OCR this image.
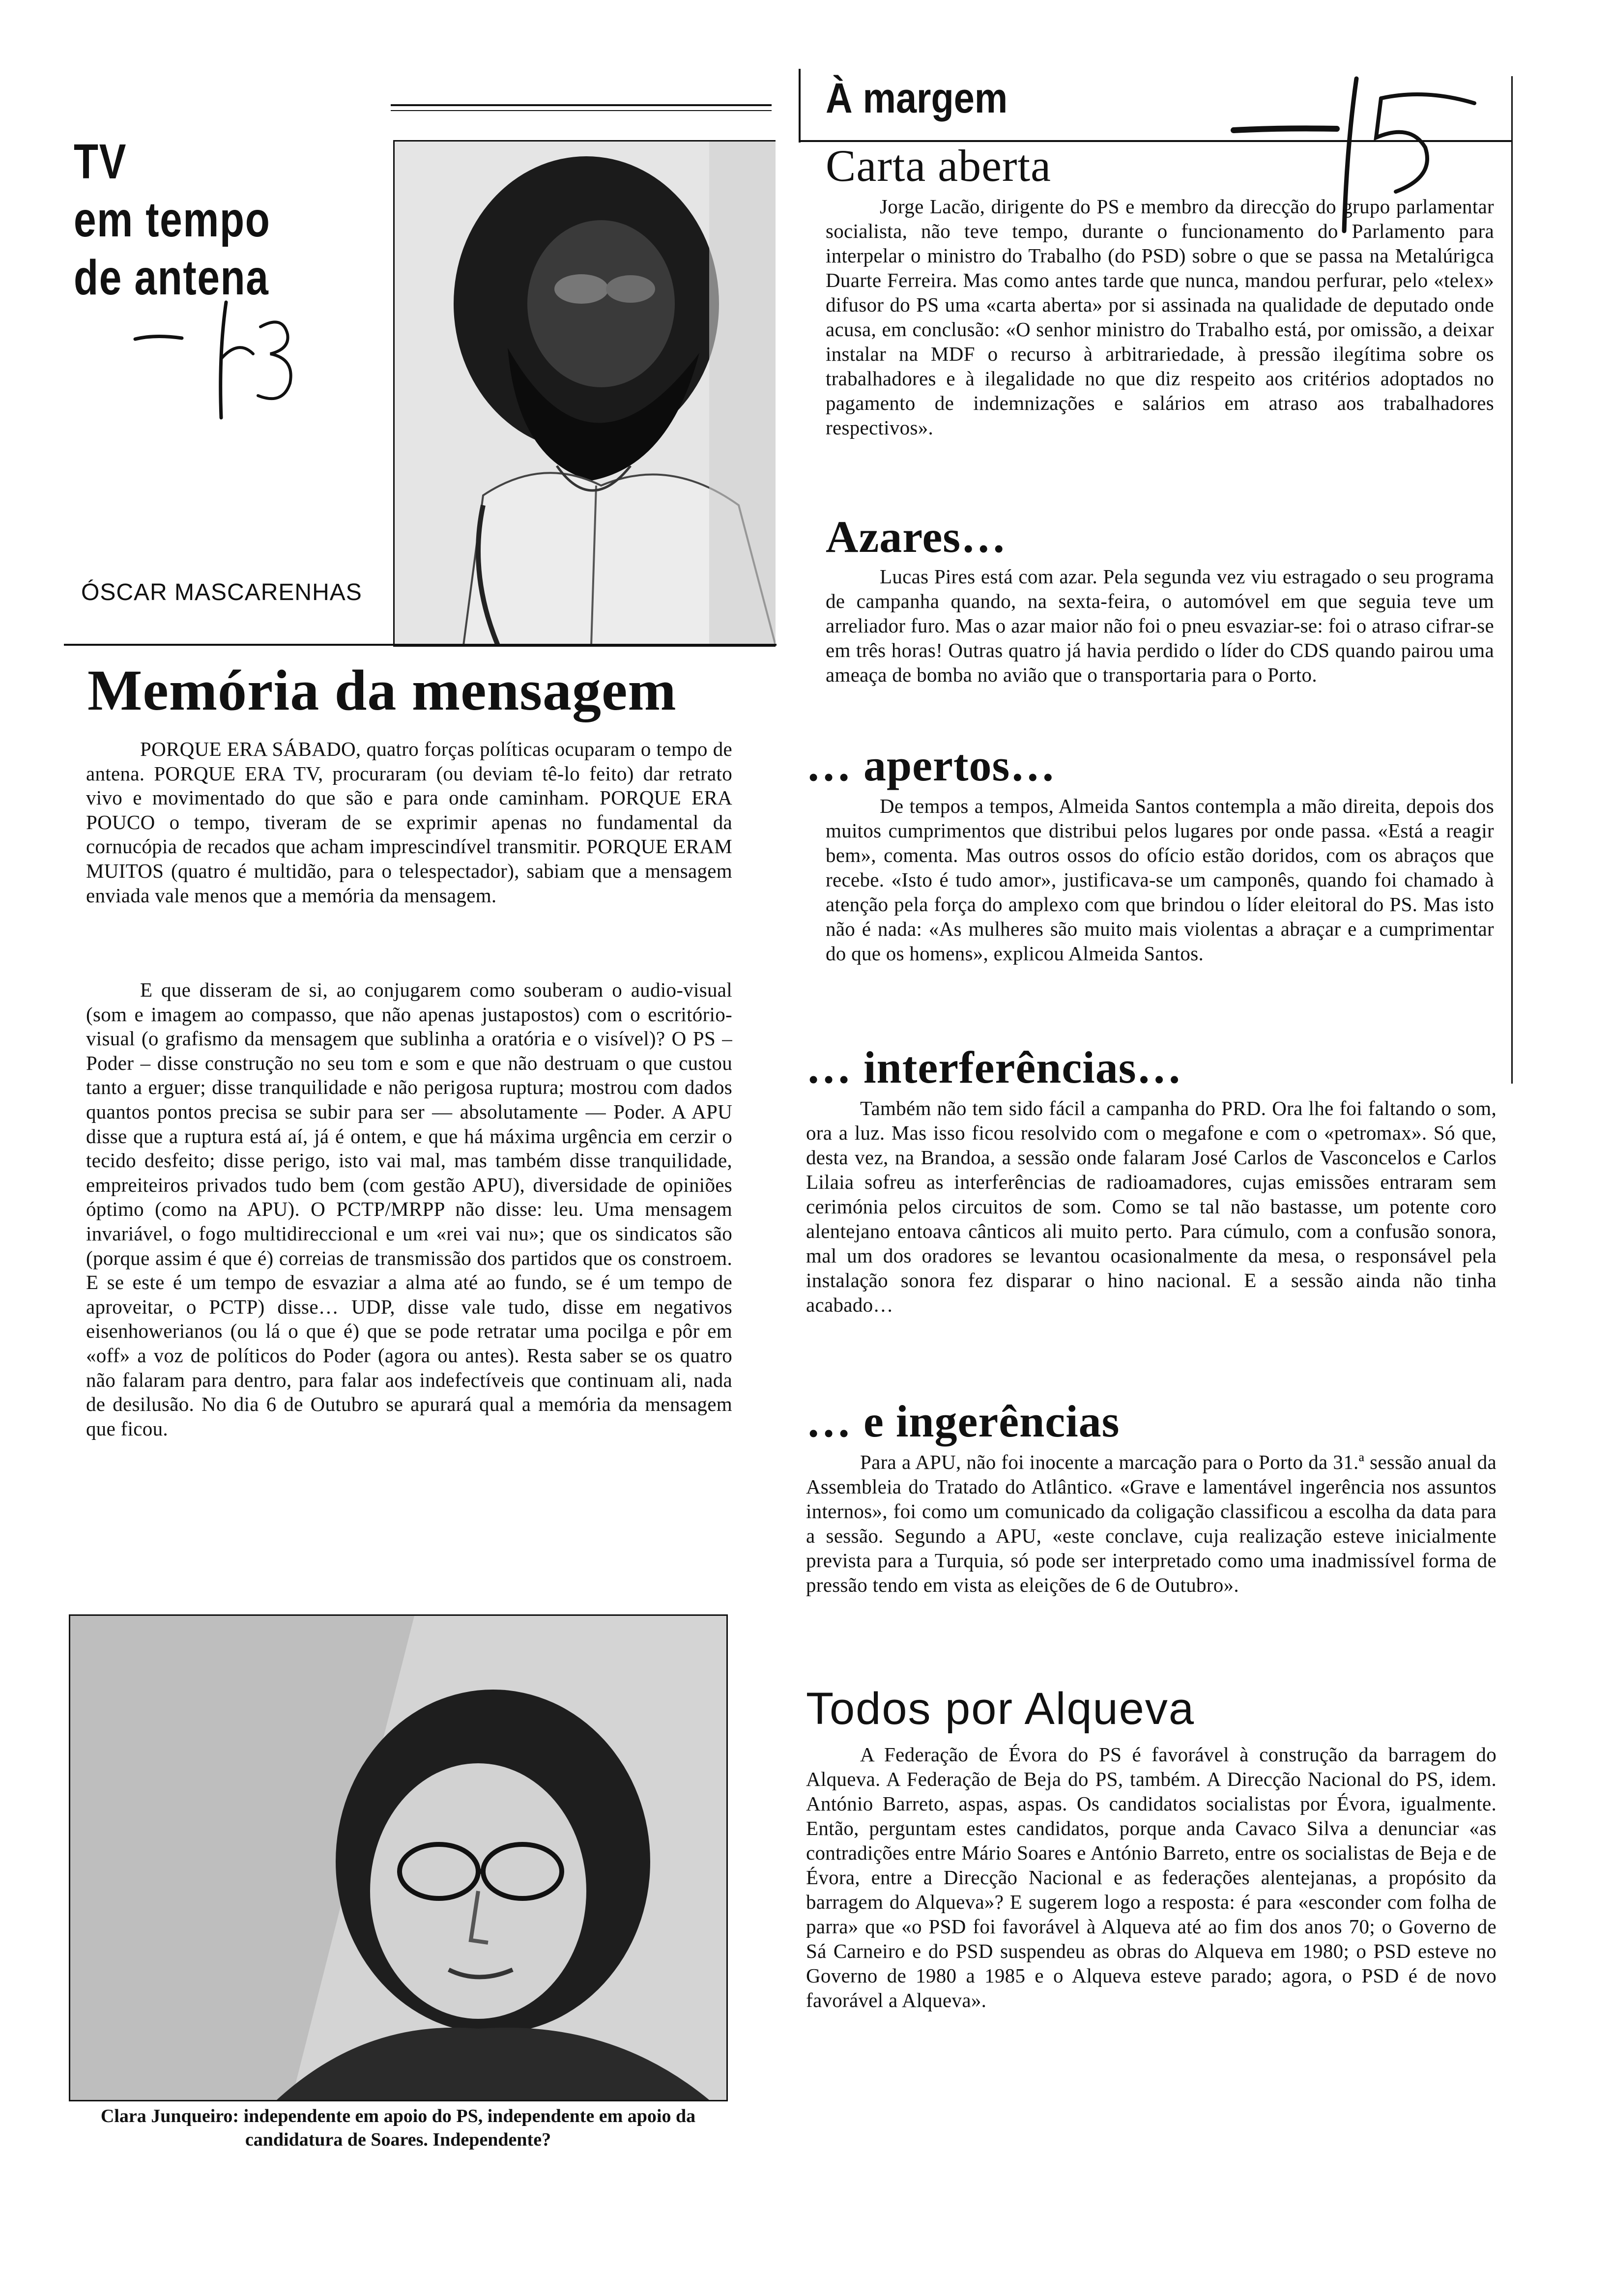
TV
em tempo
de antena
ÓSCAR MASCARENHAS
Memória da mensagem

PORQUE ERA SÁBADO, quatro forças políticas ocuparam o tempo de antena. PORQUE ERA TV, procuraram (ou deviam tê-lo feito) dar retrato vivo e movimentado do que são e para onde caminham. PORQUE ERA POUCO o tempo, tiveram de se exprimir apenas no fundamental da cornucópia de recados que acham imprescindível transmitir. PORQUE ERAM MUITOS (quatro é multidão, para o telespectador), sabiam que a mensagem enviada vale menos que a memória da mensagem.

E que disseram de si, ao conjugarem como souberam o audio-visual (som e imagem ao compasso, que não apenas justapostos) com o escritório-visual (o grafismo da mensagem que sublinha a oratória e o visível)? O PS – Poder – disse construção no seu tom e som e que não destruam o que custou tanto a erguer; disse tranquilidade e não perigosa ruptura; mostrou com dados quantos pontos precisa se subir para ser — absolutamente — Poder. A APU disse que a ruptura está aí, já é ontem, e que há máxima urgência em cerzir o tecido desfeito; disse perigo, isto vai mal, mas também disse tranquilidade, empreiteiros privados tudo bem (com gestão APU), diversidade de opiniões óptimo (como na APU). O PCTP/MRPP não disse: leu. Uma mensagem invariável, o fogo multidireccional e um «rei vai nu»; que os sindicatos são (porque assim é que é) correias de transmissão dos partidos que os constroem. E se este é um tempo de esvaziar a alma até ao fundo, se é um tempo de aproveitar, o PCTP) disse… UDP, disse vale tudo, disse em negativos eisenhowerianos (ou lá o que é) que se pode retratar uma pocilga e pôr em «off» a voz de políticos do Poder (agora ou antes). Resta saber se os quatro não falaram para dentro, para falar aos indefectíveis que continuam ali, nada de desilusão. No dia 6 de Outubro se apurará qual a memória da mensagem que ficou.

Clara Junqueiro: independente em apoio do PS, independente em apoio da candidatura de Soares. Independente?

À margem
Carta aberta

Jorge Lacão, dirigente do PS e membro da direcção do grupo parlamentar socialista, não teve tempo, durante o funcionamento do Parlamento para interpelar o ministro do Trabalho (do PSD) sobre o que se passa na Metalúrigca Duarte Ferreira. Mas como antes tarde que nunca, mandou perfurar, pelo «telex» difusor do PS uma «carta aberta» por si assinada na qualidade de deputado onde acusa, em conclusão: «O senhor ministro do Trabalho está, por omissão, a deixar instalar na MDF o recurso à arbitrariedade, à pressão ilegítima sobre os trabalhadores e à ilegalidade no que diz respeito aos critérios adoptados no pagamento de indemnizações e salários em atraso aos trabalhadores respectivos».

Azares…

Lucas Pires está com azar. Pela segunda vez viu estragado o seu programa de campanha quando, na sexta-feira, o automóvel em que seguia teve um arreliador furo. Mas o azar maior não foi o pneu esvaziar-se: foi o atraso cifrar-se em três horas! Outras quatro já havia perdido o líder do CDS quando pairou uma ameaça de bomba no avião que o transportaria para o Porto.

… apertos…

De tempos a tempos, Almeida Santos contempla a mão direita, depois dos muitos cumprimentos que distribui pelos lugares por onde passa. «Está a reagir bem», comenta. Mas outros ossos do ofício estão doridos, com os abraços que recebe. «Isto é tudo amor», justificava-se um camponês, quando foi chamado à atenção pela força do amplexo com que brindou o líder eleitoral do PS. Mas isto não é nada: «As mulheres são muito mais violentas a abraçar e a cumprimentar do que os homens», explicou Almeida Santos.

… interferências…

Também não tem sido fácil a campanha do PRD. Ora lhe foi faltando o som, ora a luz. Mas isso ficou resolvido com o megafone e com o «petromax». Só que, desta vez, na Brandoa, a sessão onde falaram José Carlos de Vasconcelos e Carlos Lilaia sofreu as interferências de radioamadores, cujas emissões entraram sem cerimónia pelos circuitos de som. Como se tal não bastasse, um potente coro alentejano entoava cânticos ali muito perto. Para cúmulo, com a confusão sonora, mal um dos oradores se levantou ocasionalmente da mesa, o responsável pela instalação sonora fez disparar o hino nacional. E a sessão ainda não tinha acabado…

… e ingerências

Para a APU, não foi inocente a marcação para o Porto da 31.ª sessão anual da Assembleia do Tratado do Atlântico. «Grave e lamentável ingerência nos assuntos internos», foi como um comunicado da coligação classificou a escolha da data para a sessão. Segundo a APU, «este conclave, cuja realização esteve inicialmente prevista para a Turquia, só pode ser interpretado como uma inadmissível forma de pressão tendo em vista as eleições de 6 de Outubro».

Todos por Alqueva

A Federação de Évora do PS é favorável à construção da barragem do Alqueva. A Federação de Beja do PS, também. A Direcção Nacional do PS, idem. António Barreto, aspas, aspas. Os candidatos socialistas por Évora, igualmente. Então, perguntam estes candidatos, porque anda Cavaco Silva a denunciar «as contradições entre Mário Soares e António Barreto, entre os socialistas de Beja e de Évora, entre a Direcção Nacional e as federações alentejanas, a propósito da barragem do Alqueva»? E sugerem logo a resposta: é para «esconder com folha de parra» que «o PSD foi favorável à Alqueva até ao fim dos anos 70; o Governo de Sá Carneiro e do PSD suspendeu as obras do Alqueva em 1980; o PSD esteve no Governo de 1980 a 1985 e o Alqueva esteve parado; agora, o PSD é de novo favorável a Alqueva».
